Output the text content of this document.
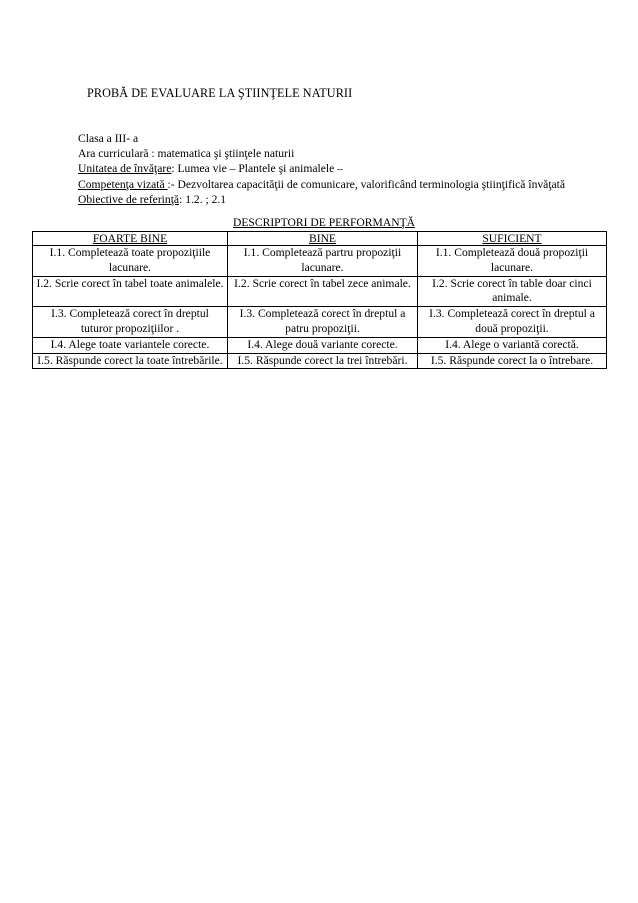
PROBĂ DE EVALUARE LA ŞTIINŢELE NATURII
Clasa a III- a
Ara curriculară : matematica şi ştiinţele naturii
Unitatea de învăţare: Lumea vie – Plantele şi animalele –
Competenţa vizată :- Dezvoltarea capacităţii de comunicare, valorificând terminologia ştiinţifică învăţată
Obiective de referinţă: 1.2. ; 2.1
DESCRIPTORI DE PERFORMANŢĂ
FOARTE BINE	BINE	SUFICIENT
I.1. Completează toate propoziţiile lacunare.	I.1. Completează partru propoziţii lacunare.	I.1. Completează două propoziţii lacunare.
I.2. Scrie corect în tabel toate animalele.	I.2. Scrie corect în tabel zece animale.	I.2. Scrie corect în table doar cinci animale.
I.3. Completează corect în dreptul tuturor propoziţiilor .	I.3. Completează corect în dreptul a patru propoziţii.	I.3. Completează corect în dreptul a două propoziţii.
I.4. Alege toate variantele corecte.	I.4. Alege două variante corecte.	I.4. Alege o variantă corectă.
I.5. Răspunde corect la toate întrebările.	I.5. Răspunde corect la trei întrebări.	I.5. Răspunde corect la o întrebare.
